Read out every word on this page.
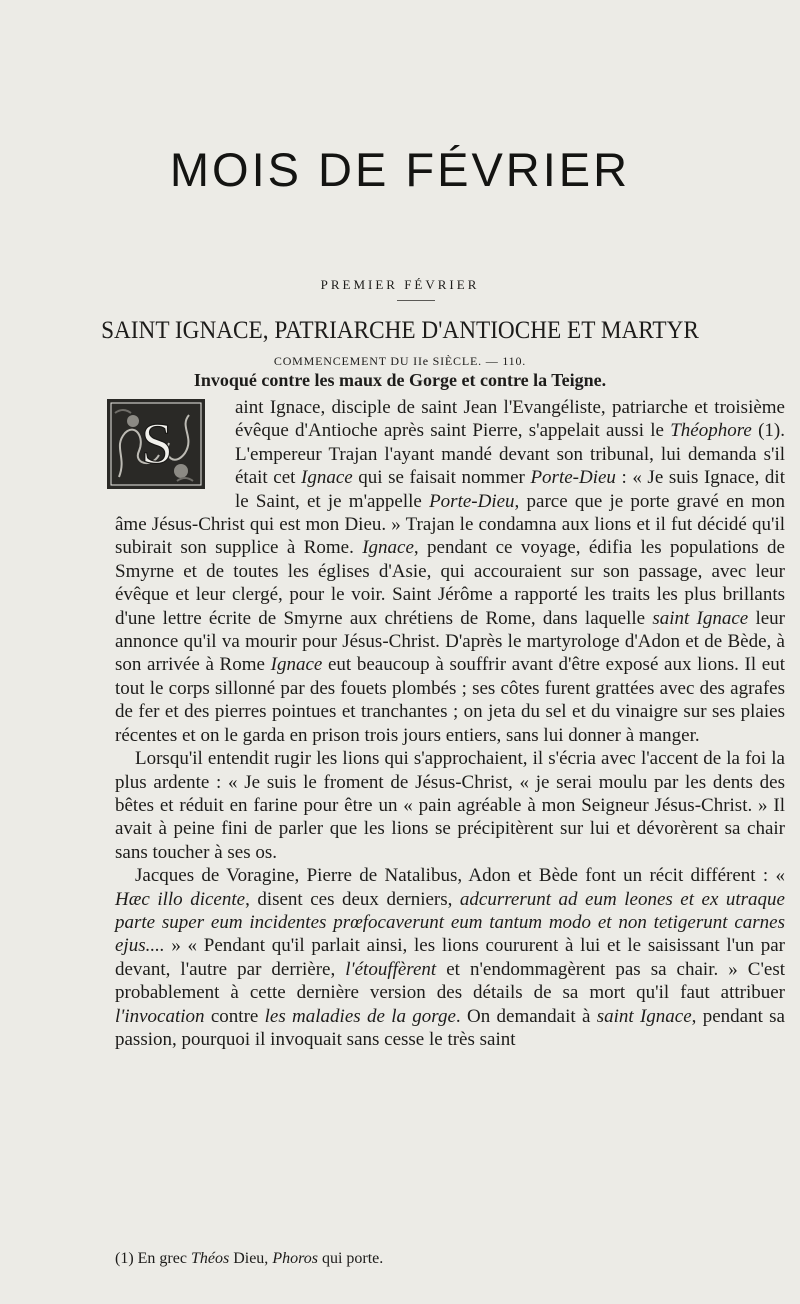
MOIS DE FÉVRIER

PREMIER FÉVRIER

SAINT IGNACE, PATRIARCHE D'ANTIOCHE ET MARTYR

COMMENCEMENT DU IIe SIÈCLE. — 110.

Invoqué contre les maux de Gorge et contre la Teigne.

S

aint Ignace, disciple de saint Jean l'Evangéliste, patriarche et troisième évêque d'Antioche après saint Pierre, s'appelait aussi le Théophore (1). L'empereur Trajan l'ayant mandé devant son tribunal, lui demanda s'il était cet Ignace qui se faisait nommer Porte-Dieu : « Je suis Ignace, dit le Saint, et je m'appelle Porte-Dieu, parce que je porte gravé en mon âme Jésus-Christ qui est mon Dieu. » Trajan le condamna aux lions et il fut décidé qu'il subirait son supplice à Rome. Ignace, pendant ce voyage, édifia les populations de Smyrne et de toutes les églises d'Asie, qui accouraient sur son passage, avec leur évêque et leur clergé, pour le voir. Saint Jérôme a rapporté les traits les plus brillants d'une lettre écrite de Smyrne aux chrétiens de Rome, dans laquelle saint Ignace leur annonce qu'il va mourir pour Jésus-Christ. D'après le martyrologe d'Adon et de Bède, à son arrivée à Rome Ignace eut beaucoup à souffrir avant d'être exposé aux lions. Il eut tout le corps sillonné par des fouets plombés ; ses côtes furent grattées avec des agrafes de fer et des pierres pointues et tranchantes ; on jeta du sel et du vinaigre sur ses plaies récentes et on le garda en prison trois jours entiers, sans lui donner à manger.

Lorsqu'il entendit rugir les lions qui s'approchaient, il s'écria avec l'accent de la foi la plus ardente : « Je suis le froment de Jésus-Christ, « je serai moulu par les dents des bêtes et réduit en farine pour être un « pain agréable à mon Seigneur Jésus-Christ. » Il avait à peine fini de parler que les lions se précipitèrent sur lui et dévorèrent sa chair sans toucher à ses os.

Jacques de Voragine, Pierre de Natalibus, Adon et Bède font un récit différent : « Hæc illo dicente, disent ces deux derniers, adcurrerunt ad eum leones et ex utraque parte super eum incidentes prœfocaverunt eum tantum modo et non tetigerunt carnes ejus.... » « Pendant qu'il parlait ainsi, les lions coururent à lui et le saisissant l'un par devant, l'autre par derrière, l'étouffèrent et n'endommagèrent pas sa chair. » C'est probablement à cette dernière version des détails de sa mort qu'il faut attribuer l'invocation contre les maladies de la gorge. On demandait à saint Ignace, pendant sa passion, pourquoi il invoquait sans cesse le très saint

(1) En grec Théos Dieu, Phoros qui porte.
